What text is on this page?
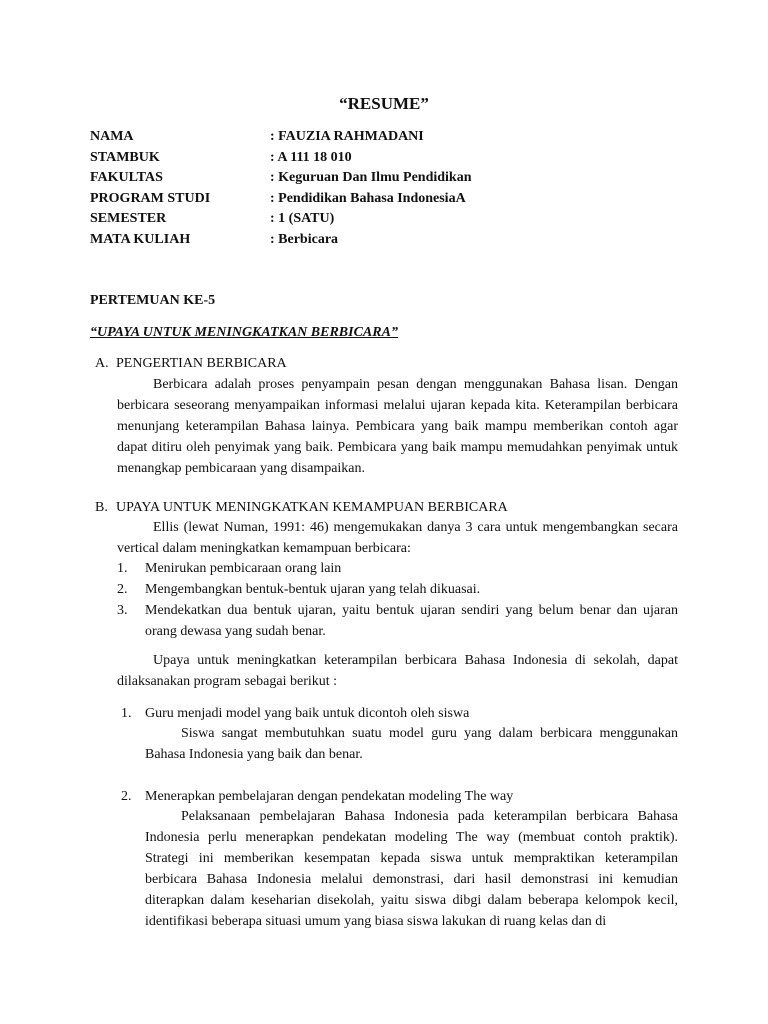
“RESUME”
NAMA	: FAUZIA RAHMADANI
STAMBUK	: A 111 18 010
FAKULTAS	: Keguruan Dan Ilmu Pendidikan
PROGRAM STUDI	: Pendidikan Bahasa IndonesiaA
SEMESTER	: 1 (SATU)
MATA KULIAH	: Berbicara
PERTEMUAN KE-5
“UPAYA UNTUK MENINGKATKAN BERBICARA”
A. PENGERTIAN BERBICARA
Berbicara adalah proses penyampain pesan dengan menggunakan Bahasa lisan. Dengan berbicara seseorang menyampaikan informasi melalui ujaran kepada kita. Keterampilan berbicara menunjang keterampilan Bahasa lainya. Pembicara yang baik mampu memberikan contoh agar dapat ditiru oleh penyimak yang baik. Pembicara yang baik mampu memudahkan penyimak untuk menangkap pembicaraan yang disampaikan.
B. UPAYA UNTUK MENINGKATKAN KEMAMPUAN BERBICARA
Ellis (lewat Numan, 1991: 46) mengemukakan danya 3 cara untuk mengembangkan secara vertical dalam meningkatkan kemampuan berbicara:
1.	Menirukan pembicaraan orang lain
2.	Mengembangkan bentuk-bentuk ujaran yang telah dikuasai.
3.	Mendekatkan dua bentuk ujaran, yaitu bentuk ujaran sendiri yang belum benar dan ujaran orang dewasa yang sudah benar.
Upaya untuk meningkatkan keterampilan berbicara Bahasa Indonesia di sekolah, dapat dilaksanakan program sebagai berikut :
1. Guru menjadi model yang baik untuk dicontoh oleh siswa
Siswa sangat membutuhkan suatu model guru yang dalam berbicara menggunakan Bahasa Indonesia yang baik dan benar.
2. Menerapkan pembelajaran dengan pendekatan modeling The way
Pelaksanaan pembelajaran Bahasa Indonesia pada keterampilan berbicara Bahasa Indonesia perlu menerapkan pendekatan modeling The way (membuat contoh praktik). Strategi ini memberikan kesempatan kepada siswa untuk mempraktikan keterampilan berbicara Bahasa Indonesia melalui demonstrasi, dari hasil demonstrasi ini kemudian diterapkan dalam keseharian disekolah, yaitu siswa dibgi dalam beberapa kelompok kecil, identifikasi beberapa situasi umum yang biasa siswa lakukan di ruang kelas dan di
